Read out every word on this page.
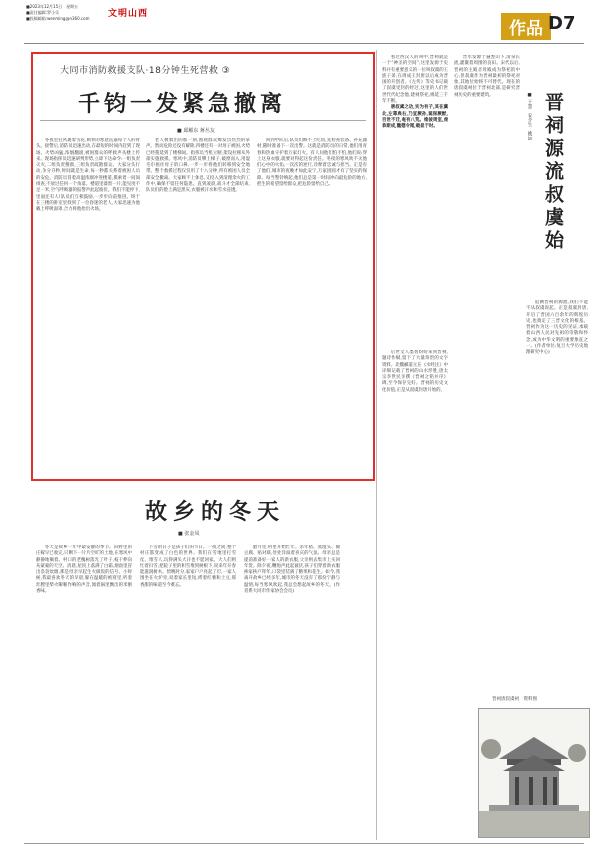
■2023年12月15日　星期五
■责任编辑:罗小乐
■投稿邮箱:wenming@n360.com 文明山西
作品 D7
大同市消防救援支队·18分钟生死营救 ③
千钧一发紧急撤离
■ 邱解东 蒋丛友

冬夜里狂风裹着雪花,刺骨的寒意直逼每个人的骨头。接警后,消防员迅速出动,在最短的时间内赶到了现场。火势凶猛,浓烟翻滚,被困群众的呼救声从楼上传来。现场指挥员迅速研判形势,立即下达命令:一组负责灭火,二组负责搜救,三组负责疏散群众。大家分头行动,争分夺秒,时间就是生命,每一秒都关系着被困人员的安危。消防员冒着高温浓烟冲进楼道,摸索着一间间排查,不放过任何一个角落。楼道里漆黑一片,能见度不足一米,空气呼吸器的报警声此起彼伏。我们不能停下,里面还有人!队员们互相鼓励,一步步向前推进。终于在三楼的卧室里找到了一位昏迷的老人,大家迅速为他戴上呼吸面罩,合力将他抬出火场。

老人被救出的那一刻,围观群众爆发出热烈的掌声。然而危险还没有解除,四楼还有一对母子被困,火势已经蔓延到了楼梯间。指挥员当机立断,架设拉梯从外部实施救援。寒风中,消防员攀上梯子,破窗而入,用湿毛巾捂住母子的口鼻,一步一步将他们转移到安全地带。整个救援过程仅仅用了十八分钟,所有被困人员全部安全撤离。大家顾不上休息,又投入到清理余火的工作中,确保不留任何隐患。直到凌晨,战斗才全部结束,队员们的脸上满是黑灰,衣服被汗水和雪水浸透。

回到中队后,队员们顾不上吃饭,先检查装备、补充器材,随时准备下一次出警。这就是消防员的日常,他们用青春和热血守护着万家灯火。有人问他们怕不怕,他们说:穿上这身衣服,就要对得起这份责任。冬夜的寒风吹不灭他们心中的火焰,一次次的逆行,诠释着忠诚与担当。正是有了他们,城市的夜晚才如此安宁,万家团圆才有了坚实的保障。每当警铃响起,他们总是第一时间冲向最危险的地方,把生的希望留给群众,把危险留给自己。

故乡的冬天
■ 张金凤

冬天是故乡一年中最安静的季节。田野里的庄稼早已收完,只剩下一片片空旷的土地,在寒风中静静地躺着。村口的老槐树落光了叶子,枝干伸向灰蒙蒙的天空。清晨,屋顶上落满了白霜,烟囱里冒出袅袅炊烟,那是母亲早起生火做饭的信号。小时候,我最喜欢冬天的早晨,躲在温暖的被窝里,听着灶膛里柴火噼啪作响的声音,闻着锅里飘出的米粥香味。

下雪的日子是孩子们的节日。一夜之间,整个村庄都变成了白色的世界。我们在雪地里打雪仗、堆雪人,玩得满头大汗也不愿回家。大人们则忙着扫雪,把院子里的积雪堆到树根下,说来年开春能滋润树木。傍晚时分,家家户户亮起了灯,一家人围坐在火炉旁,说着家长里短,烤着红薯和土豆,那香甜的味道至今难忘。

腊月里,村里开始忙年。杀年猪、蒸馒头、做豆腐、贴对联,处处洋溢着喜庆的气氛。母亲总是提前准备好一家人的新衣服,父亲则去集市上买回年货。除夕夜,鞭炮声此起彼伏,孩子们穿着新衣服挨家挨户拜年,口袋里装满了糖果和花生。如今,我离开故乡已经多年,城市的冬天没有了那份宁静与温情,每当寒风吹起,我总会想起故乡的冬天。(作者系大同市作家协会会员)

看过西汉人的叫中,晋祠就是一个“神圣的空间”,这里发源于史料并有重要意义的一位叫叔虞的王族子弟,在周成王封唐以后成为晋国的开创者。《左传》等史书记载了叔虞受封的经过,这里的人们世世代代纪念他,建祠祭祀,绵延三千年不断。

唐叔虞之功,实为有子,其在冀北,左尊典右,乃宣厥孙,诞保厥猷,百世不迁,奄有八荒。维彼周室,虔恭斯成,懿德令闻,载显于时。

后世文人墨客纷纷来到晋祠,题诗作赋,留下了大量珍贵的文字资料。北魏郦道元在《水经注》中详细记载了晋祠的山水形胜,唐太宗李世民亲撰《晋祠之铭并序》碑,至今保存完好。晋祠的历史文化价值,正是从叔虞封唐开始的。

晋水发源于悬瓮山下,清泉长流,灌溉着周围的良田。宋代以后,晋祠的主殿圣母殿成为祭祀的中心,但叔虞作为晋祠最初的祭祀对象,其地位始终不可替代。现在的唐叔虞祠位于晋祠北部,是研究晋祠历史的重要建筑。	■ 于慧　安介生　姚远 晋祠源流叔虞始

追溯晋祠的源流,我们不能不从叔虞说起。正是叔虞封唐,开启了晋国六百余年的辉煌历史,也奠定了三晋文化的根基。晋祠作为这一历史的见证,承载着山西人民对先祖的崇敬和怀念,成为中华文明的重要象征之一。(作者单位:复旦大学历史地理研究中心)

晋祠唐叔虞祠　资料图
